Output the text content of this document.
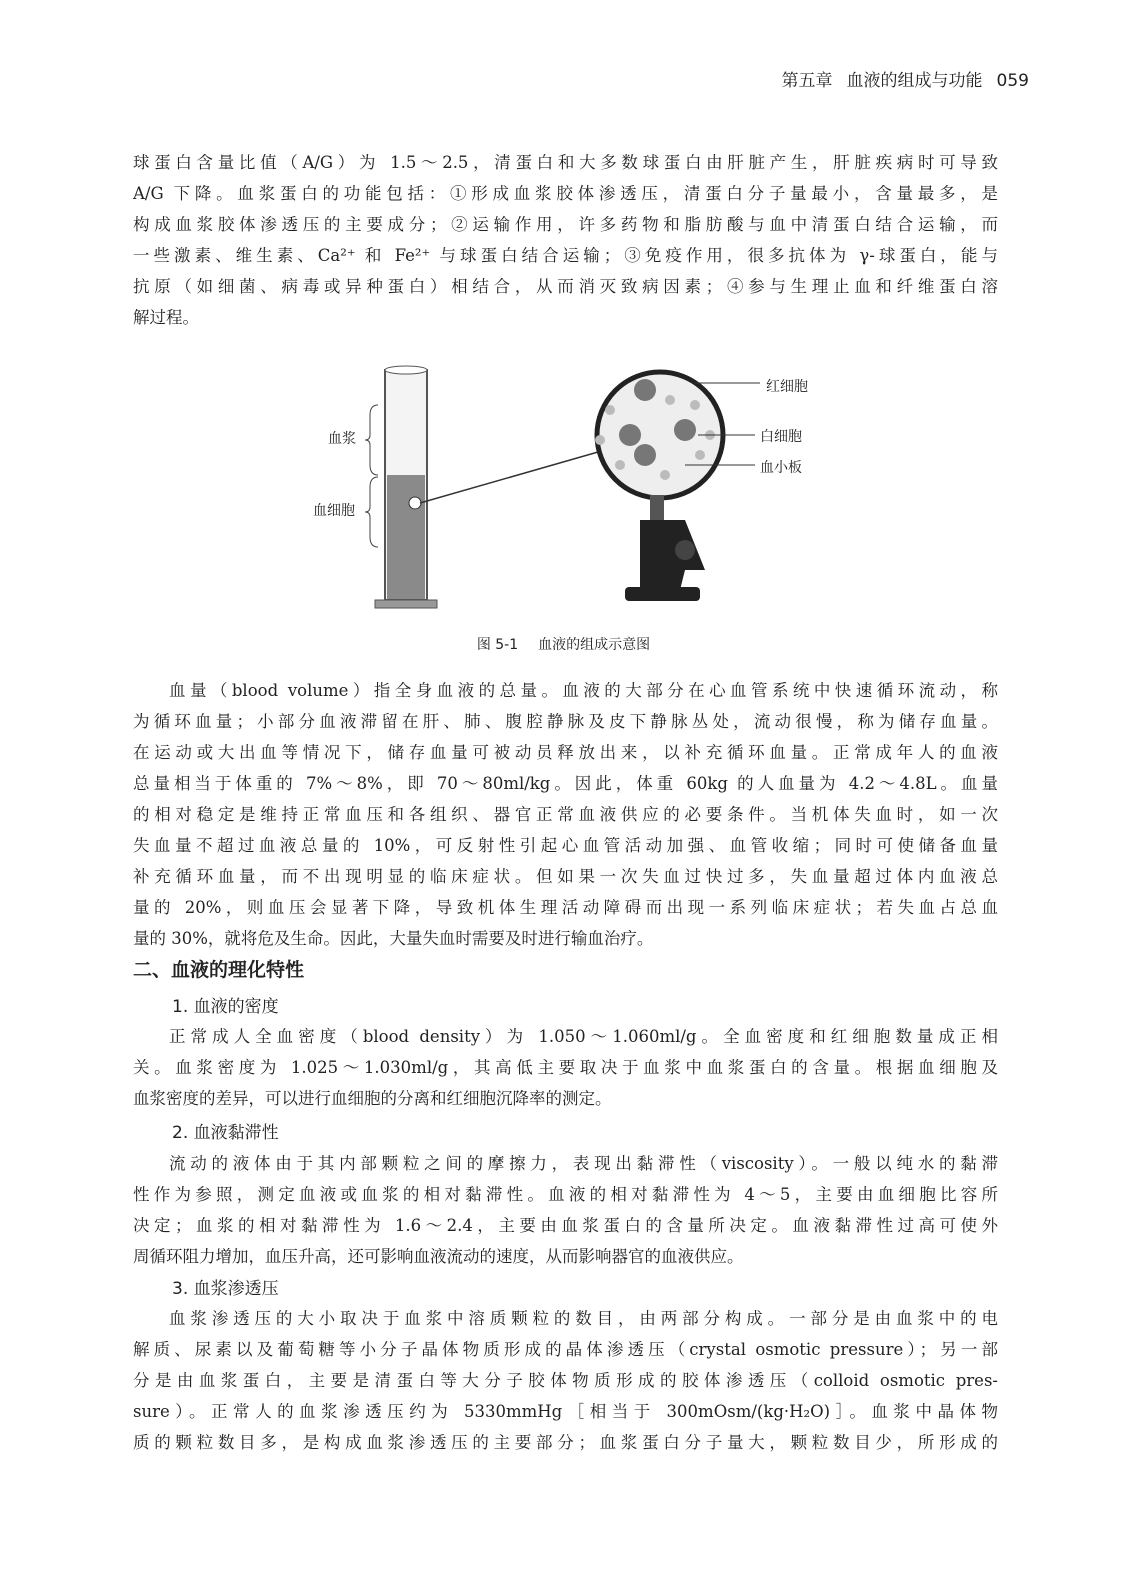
第五章 血液的组成与功能 059
球蛋白含量比值（A/G）为 1.5～2.5，清蛋白和大多数球蛋白由肝脏产生，肝脏疾病时可导致
A/G 下降。血浆蛋白的功能包括：①形成血浆胶体渗透压，清蛋白分子量最小，含量最多，是
构成血浆胶体渗透压的主要成分；②运输作用，许多药物和脂肪酸与血中清蛋白结合运输，而
一些激素、维生素、Ca²⁺ 和 Fe²⁺ 与球蛋白结合运输；③免疫作用，很多抗体为 γ-球蛋白，能与
抗原（如细菌、病毒或异种蛋白）相结合，从而消灭致病因素；④参与生理止血和纤维蛋白溶
解过程。
血浆
血细胞
红细胞
白细胞
血小板
图 5-1 血液的组成示意图
血量（blood volume）指全身血液的总量。血液的大部分在心血管系统中快速循环流动，称
为循环血量；小部分血液滞留在肝、肺、腹腔静脉及皮下静脉丛处，流动很慢，称为储存血量。
在运动或大出血等情况下，储存血量可被动员释放出来，以补充循环血量。正常成年人的血液
总量相当于体重的 7%～8%，即 70～80ml/kg。因此，体重 60kg 的人血量为 4.2～4.8L。血量
的相对稳定是维持正常血压和各组织、器官正常血液供应的必要条件。当机体失血时，如一次
失血量不超过血液总量的 10%，可反射性引起心血管活动加强、血管收缩；同时可使储备血量
补充循环血量，而不出现明显的临床症状。但如果一次失血过快过多，失血量超过体内血液总
量的 20%，则血压会显著下降，导致机体生理活动障碍而出现一系列临床症状；若失血占总血
量的 30%，就将危及生命。因此，大量失血时需要及时进行输血治疗。
二、血液的理化特性
1. 血液的密度
正常成人全血密度（blood density）为 1.050～1.060ml/g。全血密度和红细胞数量成正相
关。血浆密度为 1.025～1.030ml/g，其高低主要取决于血浆中血浆蛋白的含量。根据血细胞及
血浆密度的差异，可以进行血细胞的分离和红细胞沉降率的测定。
2. 血液黏滞性
流动的液体由于其内部颗粒之间的摩擦力，表现出黏滞性（viscosity）。一般以纯水的黏滞
性作为参照，测定血液或血浆的相对黏滞性。血液的相对黏滞性为 4～5，主要由血细胞比容所
决定；血浆的相对黏滞性为 1.6～2.4，主要由血浆蛋白的含量所决定。血液黏滞性过高可使外
周循环阻力增加，血压升高，还可影响血液流动的速度，从而影响器官的血液供应。
3. 血浆渗透压
血浆渗透压的大小取决于血浆中溶质颗粒的数目，由两部分构成。一部分是由血浆中的电
解质、尿素以及葡萄糖等小分子晶体物质形成的晶体渗透压（crystal osmotic pressure）；另一部
分是由血浆蛋白，主要是清蛋白等大分子胶体物质形成的胶体渗透压（colloid osmotic pres-
sure）。正常人的血浆渗透压约为 5330mmHg［相当于 300mOsm/(kg·H₂O)］。血浆中晶体物
质的颗粒数目多，是构成血浆渗透压的主要部分；血浆蛋白分子量大，颗粒数目少，所形成的
